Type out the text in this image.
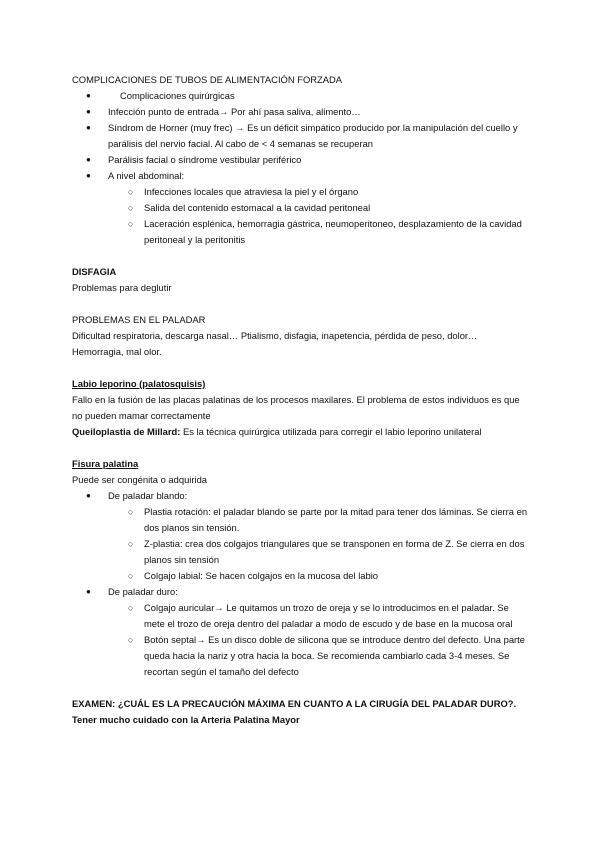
COMPLICACIONES DE TUBOS DE ALIMENTACIÓN FORZADA
●	Complicaciones quirúrgicas
● Infección punto de entrada→ Por ahí pasa saliva, alimento…
● Síndrom de Horner (muy frec) → Es un déficit simpático producido por la manipulación del cuello y parálisis del nervio facial. Al cabo de < 4 semanas se recuperan
● Parálisis facial o síndrome vestibular periférico
● A nivel abdominal:
○ Infecciones locales que atraviesa la piel y el órgano
○ Salida del contenido estomacal a la cavidad peritoneal
○ Laceración esplénica, hemorragia gástrica, neumoperitoneo, desplazamiento de la cavidad peritoneal y la peritonitis
DISFAGIA
Problemas para deglutir
PROBLEMAS EN EL PALADAR
Dificultad respiratoria, descarga nasal… Ptialismo, disfagia, inapetencia, pérdida de peso, dolor… Hemorragia, mal olor.
Labio leporino (palatosquisis)
Fallo en la fusión de las placas palatinas de los procesos maxilares. El problema de estos individuos es que no pueden mamar correctamente
Queiloplastia de Millard: Es la técnica quirúrgica utilizada para corregir el labio leporino unilateral
Fisura palatina
Puede ser congénita o adquirida
● De paladar blando:
○ Plastia rotación: el paladar blando se parte por la mitad para tener dos láminas. Se cierra en dos planos sin tensión.
○ Z-plastia: crea dos colgajos triangulares que se transponen en forma de Z. Se cierra en dos planos sin tensión
○ Colgajo labial: Se hacen colgajos en la mucosa del labio
● De paladar duro:
○ Colgajo auricular→ Le quitamos un trozo de oreja y se lo introducimos en el paladar. Se mete el trozo de oreja dentro del paladar a modo de escudo y de base en la mucosa oral
○ Botón septal→ Es un disco doble de silicona que se introduce dentro del defecto. Una parte queda hacia la nariz y otra hacia la boca. Se recomienda cambiarlo cada 3-4 meses. Se recortan según el tamaño del defecto
EXAMEN: ¿CUÁL ES LA PRECAUCIÓN MÁXIMA EN CUANTO A LA CIRUGÍA DEL PALADAR DURO?.
Tener mucho cuidado con la Arteria Palatina Mayor
